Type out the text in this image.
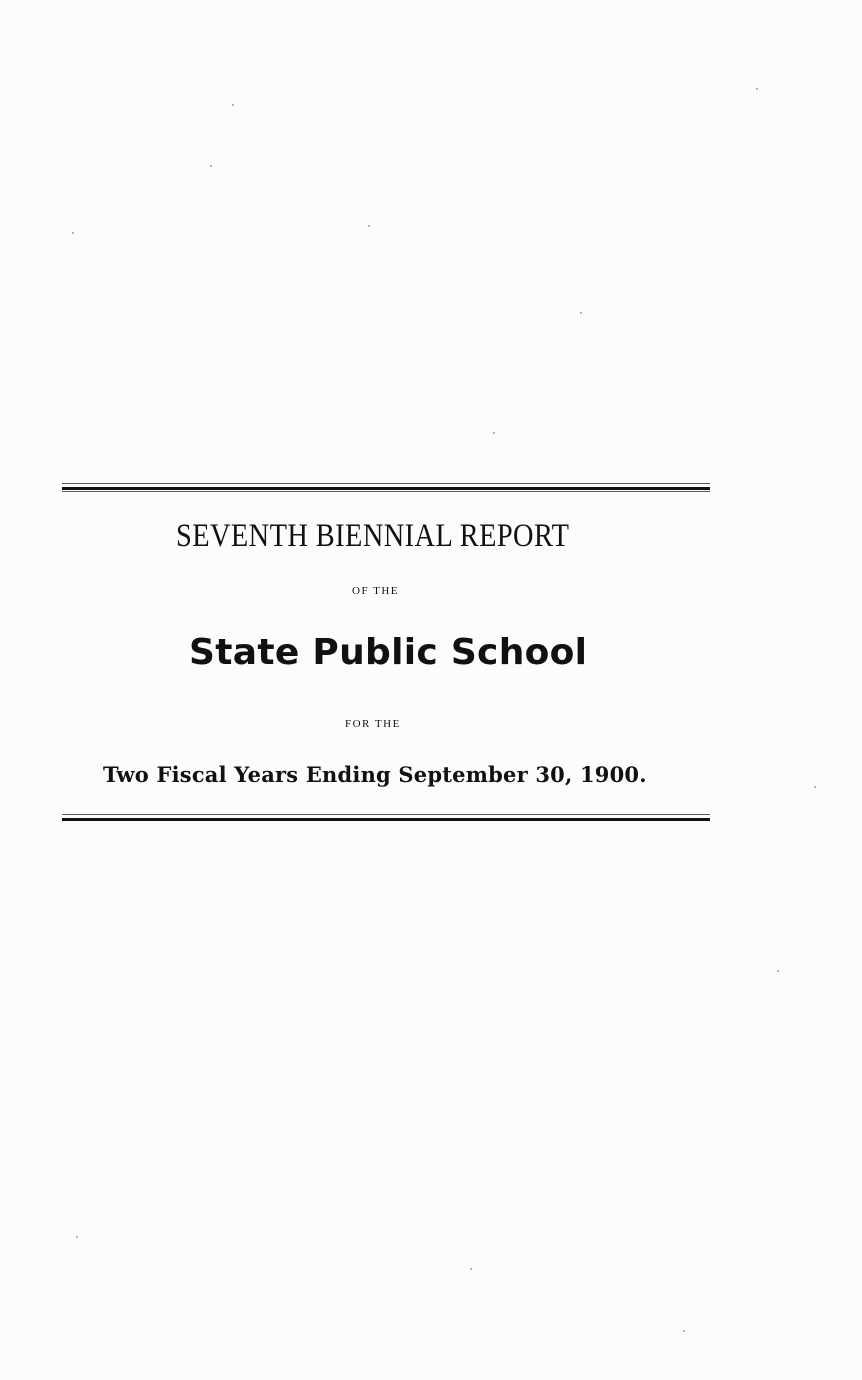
SEVENTH BIENNIAL REPORT
OF THE
State Public School
FOR THE
Two Fiscal Years Ending September 30, 1900.
